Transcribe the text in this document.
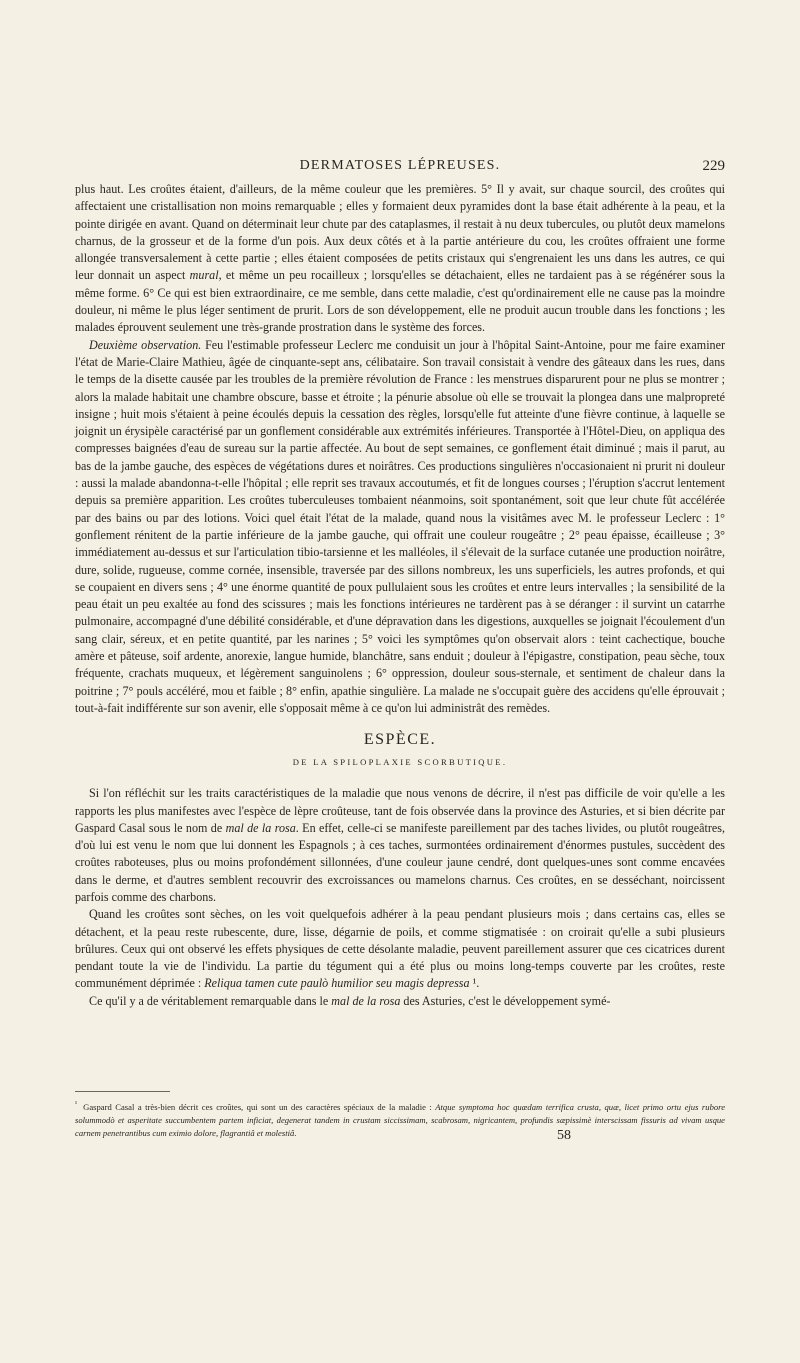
DERMATOSES LÉPREUSES.	229

plus haut. Les croûtes étaient, d'ailleurs, de la même couleur que les premières. 5° Il y avait, sur chaque sourcil, des croûtes qui affectaient une cristallisation non moins remarquable ; elles y formaient deux pyramides dont la base était adhérente à la peau, et la pointe dirigée en avant. Quand on déterminait leur chute par des cataplasmes, il restait à nu deux tubercules, ou plutôt deux mamelons charnus, de la grosseur et de la forme d'un pois. Aux deux côtés et à la partie antérieure du cou, les croûtes offraient une forme allongée transversalement à cette partie ; elles étaient composées de petits cristaux qui s'engrenaient les uns dans les autres, ce qui leur donnait un aspect mural, et même un peu rocailleux ; lorsqu'elles se détachaient, elles ne tardaient pas à se régénérer sous la même forme. 6° Ce qui est bien extraordinaire, ce me semble, dans cette maladie, c'est qu'ordinairement elle ne cause pas la moindre douleur, ni même le plus léger sentiment de prurit. Lors de son développement, elle ne produit aucun trouble dans les fonctions ; les malades éprouvent seulement une très-grande prostration dans le système des forces.

Deuxième observation. Feu l'estimable professeur Leclerc me conduisit un jour à l'hôpital Saint-Antoine, pour me faire examiner l'état de Marie-Claire Mathieu, âgée de cinquante-sept ans, célibataire. Son travail consistait à vendre des gâteaux dans les rues, dans le temps de la disette causée par les troubles de la première révolution de France : les menstrues disparurent pour ne plus se montrer ; alors la malade habitait une chambre obscure, basse et étroite ; la pénurie absolue où elle se trouvait la plongea dans une malpropreté insigne ; huit mois s'étaient à peine écoulés depuis la cessation des règles, lorsqu'elle fut atteinte d'une fièvre continue, à laquelle se joignit un érysipèle caractérisé par un gonflement considérable aux extrémités inférieures. Transportée à l'Hôtel-Dieu, on appliqua des compresses baignées d'eau de sureau sur la partie affectée. Au bout de sept semaines, ce gonflement était diminué ; mais il parut, au bas de la jambe gauche, des espèces de végétations dures et noirâtres. Ces productions singulières n'occasionaient ni prurit ni douleur : aussi la malade abandonna-t-elle l'hôpital ; elle reprit ses travaux accoutumés, et fit de longues courses ; l'éruption s'accrut lentement depuis sa première apparition. Les croûtes tuberculeuses tombaient néanmoins, soit spontanément, soit que leur chute fût accélérée par des bains ou par des lotions. Voici quel était l'état de la malade, quand nous la visitâmes avec M. le professeur Leclerc : 1° gonflement rénitent de la partie inférieure de la jambe gauche, qui offrait une couleur rougeâtre ; 2° peau épaisse, écailleuse ; 3° immédiatement au-dessus et sur l'articulation tibio-tarsienne et les malléoles, il s'élevait de la surface cutanée une production noirâtre, dure, solide, rugueuse, comme cornée, insensible, traversée par des sillons nombreux, les uns superficiels, les autres profonds, et qui se coupaient en divers sens ; 4° une énorme quantité de poux pullulaient sous les croûtes et entre leurs intervalles ; la sensibilité de la peau était un peu exaltée au fond des scissures ; mais les fonctions intérieures ne tardèrent pas à se déranger : il survint un catarrhe pulmonaire, accompagné d'une débilité considérable, et d'une dépravation dans les digestions, auxquelles se joignait l'écoulement d'un sang clair, séreux, et en petite quantité, par les narines ; 5° voici les symptômes qu'on observait alors : teint cachectique, bouche amère et pâteuse, soif ardente, anorexie, langue humide, blanchâtre, sans enduit ; douleur à l'épigastre, constipation, peau sèche, toux fréquente, crachats muqueux, et légèrement sanguinolens ; 6° oppression, douleur sous-sternale, et sentiment de chaleur dans la poitrine ; 7° pouls accéléré, mou et faible ; 8° enfin, apathie singulière. La malade ne s'occupait guère des accidens qu'elle éprouvait ; tout-à-fait indifférente sur son avenir, elle s'opposait même à ce qu'on lui administrât des remèdes.

ESPÈCE.
DE LA SPILOPLAXIE SCORBUTIQUE.

Si l'on réfléchit sur les traits caractéristiques de la maladie que nous venons de décrire, il n'est pas difficile de voir qu'elle a les rapports les plus manifestes avec l'espèce de lèpre croûteuse, tant de fois observée dans la province des Asturies, et si bien décrite par Gaspard Casal sous le nom de mal de la rosa. En effet, celle-ci se manifeste pareillement par des taches livides, ou plutôt rougeâtres, d'où lui est venu le nom que lui donnent les Espagnols ; à ces taches, surmontées ordinairement d'énormes pustules, succèdent des croûtes raboteuses, plus ou moins profondément sillonnées, d'une couleur jaune cendré, dont quelques-unes sont comme encavées dans le derme, et d'autres semblent recouvrir des excroissances ou mamelons charnus. Ces croûtes, en se desséchant, noircissent parfois comme des charbons.

Quand les croûtes sont sèches, on les voit quelquefois adhérer à la peau pendant plusieurs mois ; dans certains cas, elles se détachent, et la peau reste rubescente, dure, lisse, dégarnie de poils, et comme stigmatisée : on croirait qu'elle a subi plusieurs brûlures. Ceux qui ont observé les effets physiques de cette désolante maladie, peuvent pareillement assurer que ces cicatrices durent pendant toute la vie de l'individu. La partie du tégument qui a été plus ou moins long-temps couverte par les croûtes, reste communément déprimée : Reliqua tamen cute paulò humilior seu magis depressa ¹.

Ce qu'il y a de véritablement remarquable dans le mal de la rosa des Asturies, c'est le développement symé-

$^{^1}$ Gaspard Casal a très-bien décrit ces croûtes, qui sont un des caractères spéciaux de la maladie : Atque symptoma hoc quædam terrifica crusta, quæ, licet primo ortu ejus rubore solummodò et asperitate succumbentem partem inficiat, degenerat tandem in crustam siccissimam, scabrosam, nigricantem, profundis sæpissimè interscissam fissuris ad vivam usque carnem penetrantibus cum eximio dolore, flagrantiâ et molestiâ.	58
